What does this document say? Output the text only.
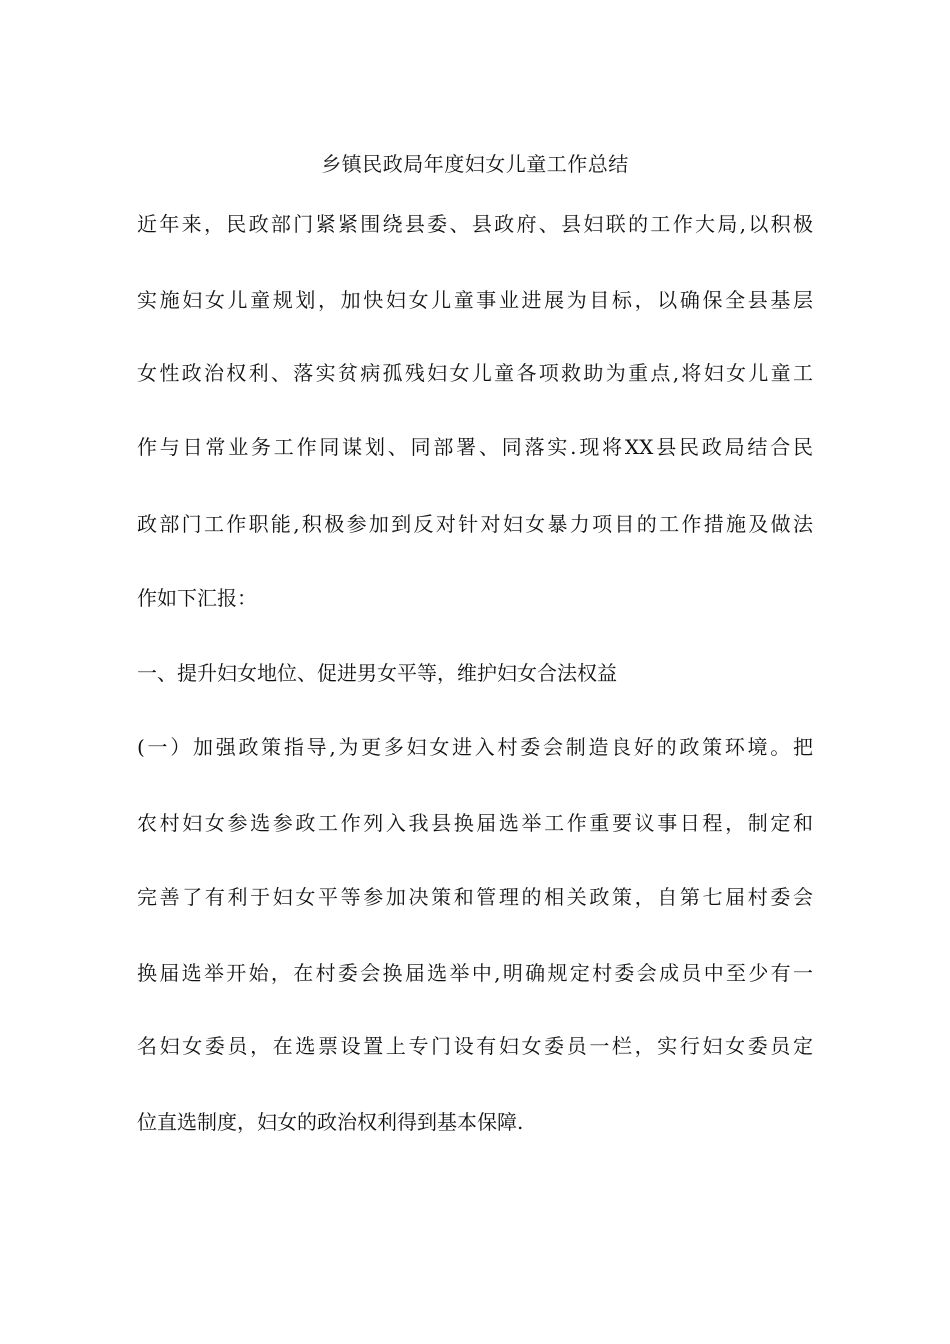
乡镇民政局年度妇女儿童工作总结
近年来，民政部门紧紧围绕县委、县政府、县妇联的工作大局,以积极
实施妇女儿童规划，加快妇女儿童事业进展为目标，以确保全县基层
女性政治权利、落实贫病孤残妇女儿童各项救助为重点,将妇女儿童工
作与日常业务工作同谋划、同部署、同落实.现将XX县民政局结合民
政部门工作职能,积极参加到反对针对妇女暴力项目的工作措施及做法
作如下汇报：
一、提升妇女地位、促进男女平等，维护妇女合法权益
(一）加强政策指导,为更多妇女进入村委会制造良好的政策环境。把
农村妇女参选参政工作列入我县换届选举工作重要议事日程，制定和
完善了有利于妇女平等参加决策和管理的相关政策，自第七届村委会
换届选举开始，在村委会换届选举中,明确规定村委会成员中至少有一
名妇女委员，在选票设置上专门设有妇女委员一栏，实行妇女委员定
位直选制度，妇女的政治权利得到基本保障.
